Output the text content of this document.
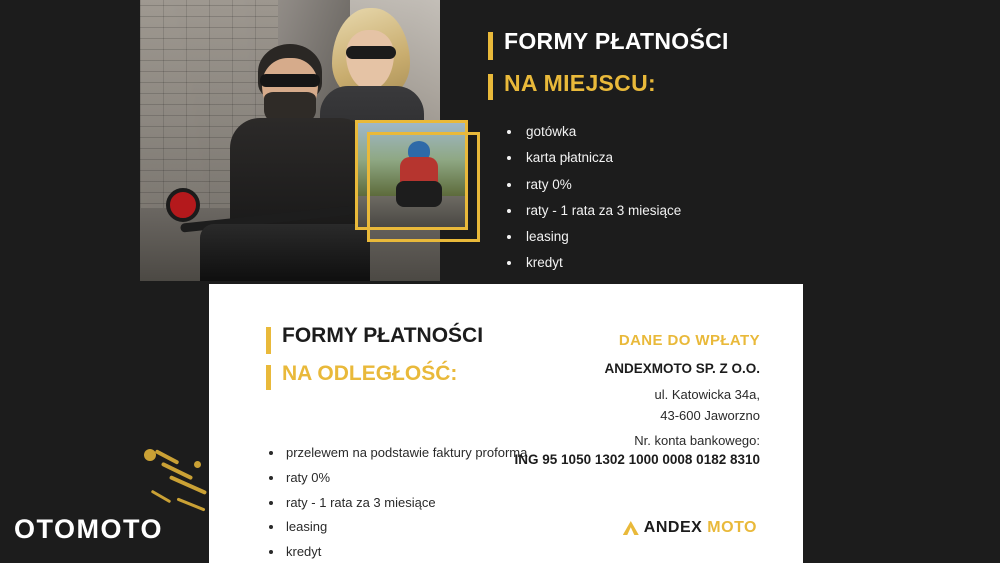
FORMY PŁATNOŚCI
NA MIEJSCU:
• gotówka
• karta płatnicza
• raty 0%
• raty - 1 rata za 3 miesiące
• leasing
• kredyt
FORMY PŁATNOŚCI
NA ODLEGŁOŚĆ:
• przelewem na podstawie faktury proforma
• raty 0%
• raty - 1 rata za 3 miesiące
• leasing
• kredyt
DANE DO WPŁATY
ANDEXMOTO SP. Z O.O.
ul. Katowicka 34a,
43-600 Jaworzno
Nr. konta bankowego:
ING 95 1050 1302 1000 0008 0182 8310
ANDEX MOTO
OTOMOTO
